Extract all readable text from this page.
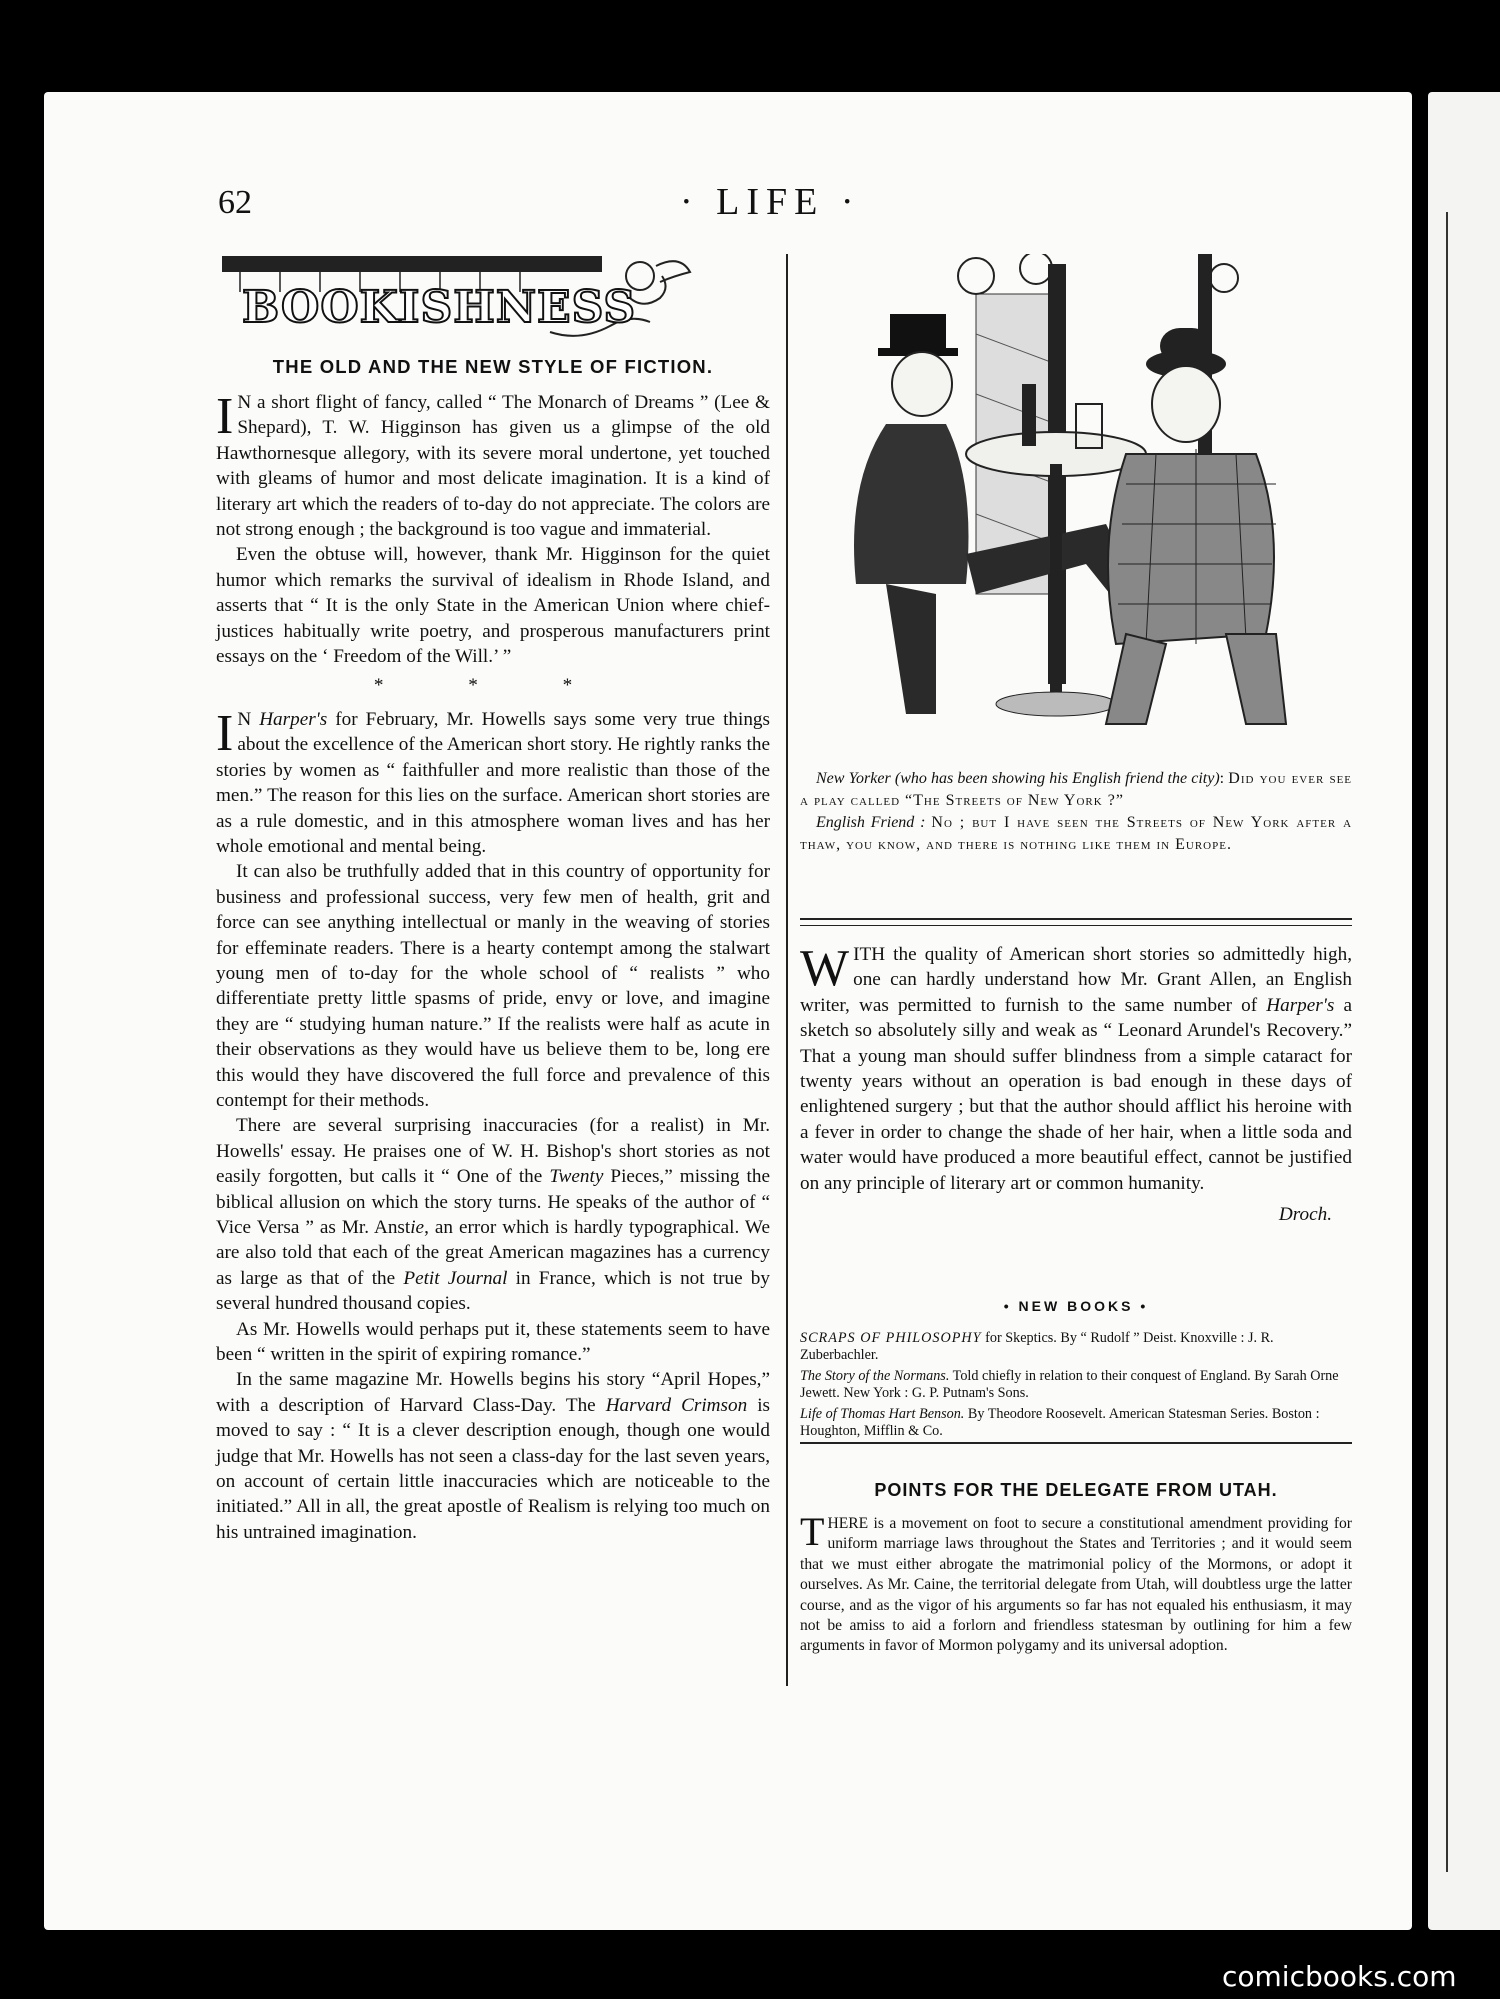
62	· LIFE ·
BOOKISHNESS
THE OLD AND THE NEW STYLE OF FICTION.

I N a short flight of fancy, called “ The Monarch of Dreams ” (Lee & Shepard), T. W. Higginson has given us a glimpse of the old Hawthornesque allegory, with its severe moral undertone, yet touched with gleams of humor and most delicate imagination. It is a kind of literary art which the readers of to-day do not appreciate. The colors are not strong enough ; the background is too vague and immaterial.

Even the obtuse will, however, thank Mr. Higginson for the quiet humor which remarks the survival of idealism in Rhode Island, and asserts that “ It is the only State in the American Union where chief-justices habitually write poetry, and prosperous manufacturers print essays on the ‘ Freedom of the Will.’ ”

* * *

I N Harper's for February, Mr. Howells says some very true things about the excellence of the American short story. He rightly ranks the stories by women as “ faithfuller and more realistic than those of the men.” The reason for this lies on the surface. American short stories are as a rule domestic, and in this atmosphere woman lives and has her whole emotional and mental being.

It can also be truthfully added that in this country of opportunity for business and professional success, very few men of health, grit and force can see anything intellectual or manly in the weaving of stories for effeminate readers. There is a hearty contempt among the stalwart young men of to-day for the whole school of “ realists ” who differentiate pretty little spasms of pride, envy or love, and imagine they are “ studying human nature.” If the realists were half as acute in their observations as they would have us believe them to be, long ere this would they have discovered the full force and prevalence of this contempt for their methods.

There are several surprising inaccuracies (for a realist) in Mr. Howells' essay. He praises one of W. H. Bishop's short stories as not easily forgotten, but calls it “ One of the Twenty Pieces,” missing the biblical allusion on which the story turns. He speaks of the author of “ Vice Versa ” as Mr. Anstie, an error which is hardly typographical. We are also told that each of the great American magazines has a currency as large as that of the Petit Journal in France, which is not true by several hundred thousand copies.

As Mr. Howells would perhaps put it, these statements seem to have been “ written in the spirit of expiring romance.”

In the same magazine Mr. Howells begins his story “April Hopes,” with a description of Harvard Class-Day. The Harvard Crimson is moved to say : “ It is a clever description enough, though one would judge that Mr. Howells has not seen a class-day for the last seven years, on account of certain little inaccuracies which are noticeable to the initiated.” All in all, the great apostle of Realism is relying too much on his untrained imagination.

New Yorker (who has been showing his English friend the city): Did you ever see a play called “The Streets of New York ?”

English Friend : No ; but I have seen the Streets of New York after a thaw, you know, and there is nothing like them in Europe.

WITH the quality of American short stories so admittedly high, one can hardly understand how Mr. Grant Allen, an English writer, was permitted to furnish to the same number of Harper's a sketch so absolutely silly and weak as “ Leonard Arundel's Recovery.” That a young man should suffer blindness from a simple cataract for twenty years without an operation is bad enough in these days of enlightened surgery ; but that the author should afflict his heroine with a fever in order to change the shade of her hair, when a little soda and water would have produced a more beautiful effect, cannot be justified on any principle of literary art or common humanity.

Droch.
• NEW BOOKS •

SCRAPS OF PHILOSOPHY for Skeptics. By “ Rudolf ” Deist. Knoxville : J. R. Zuberbachler.

The Story of the Normans. Told chiefly in relation to their conquest of England. By Sarah Orne Jewett. New York : G. P. Putnam's Sons.

Life of Thomas Hart Benson. By Theodore Roosevelt. American Statesman Series. Boston : Houghton, Mifflin & Co.

POINTS FOR THE DELEGATE FROM UTAH.
THERE is a movement on foot to secure a constitutional amendment providing for uniform marriage laws throughout the States and Territories ; and it would seem that we must either abrogate the matrimonial policy of the Mormons, or adopt it ourselves. As Mr. Caine, the territorial delegate from Utah, will doubtless urge the latter course, and as the vigor of his arguments so far has not equaled his enthusiasm, it may not be amiss to aid a forlorn and friendless statesman by outlining for him a few arguments in favor of Mormon polygamy and its universal adoption.
comicbooks.com
